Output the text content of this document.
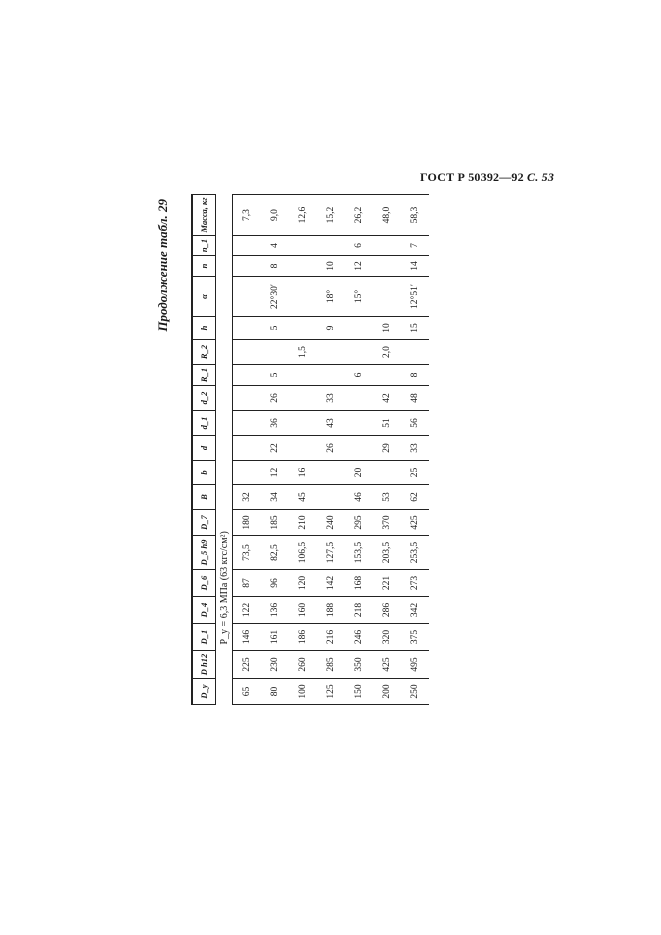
ГОСТ Р 50392—92 С. 53
Продолжение табл. 29
D_y	D h12	D_1	D_4	D_6	D_5 h9	D_7	B	b	d	d_1	d_2	R_1	R_2	h	α	n	n_1	Масса, кг
P_y = 6,3 МПа (63 кгс/см²)																		
65	225	146	122	87	73,5	180	32											7,3
80	230	161	136	96	82,5	185	34	12	22	36	26	5		5	22°30′	8	4	9,0
100	260	186	160	120	106,5	210	45	16					1,5					12,6
125	285	216	188	142	127,5	240			26	43	33			9	18°	10		15,2
150	350	246	218	168	153,5	295	46	20				6			15°	12	6	26,2
200	425	320	286	221	203,5	370	53		29	51	42		2,0	10				48,0
250	495	375	342	273	253,5	425	62	25	33	56	48	8		15	12°51′	14	7	58,3
